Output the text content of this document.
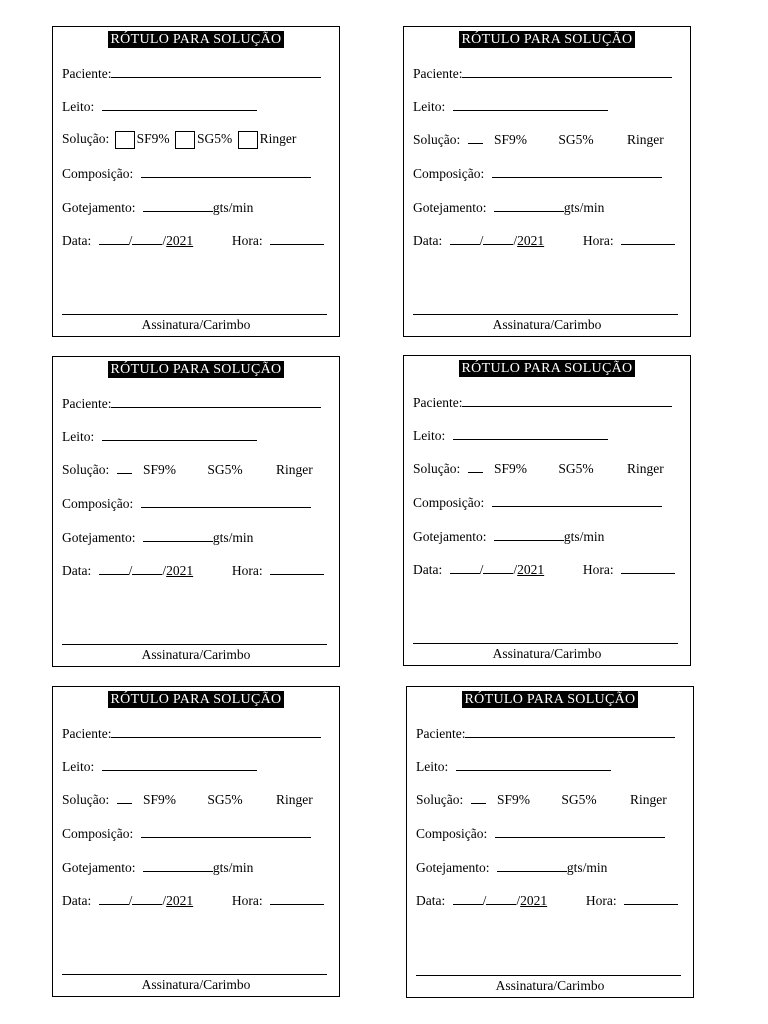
RÓTULO PARA SOLUÇÃO
Paciente:
Leito:
Solução: SF9% SG5% Ringer
Composição:
Gotejamento:	gts/min
Data:	/ /2021	Hora:
Assinatura/Carimbo
RÓTULO PARA SOLUÇÃO
Paciente:
Leito:
Solução:	SF9% SG5% Ringer
Composição:
Gotejamento:	gts/min
Data:	/ /2021	Hora:
Assinatura/Carimbo
RÓTULO PARA SOLUÇÃO
Paciente:
Leito:
Solução:	SF9% SG5% Ringer
Composição:
Gotejamento:	gts/min
Data:	/ /2021	Hora:
Assinatura/Carimbo
RÓTULO PARA SOLUÇÃO
Paciente:
Leito:
Solução:	SF9% SG5% Ringer
Composição:
Gotejamento:	gts/min
Data:	/ /2021	Hora:
Assinatura/Carimbo
RÓTULO PARA SOLUÇÃO
Paciente:
Leito:
Solução:	SF9% SG5% Ringer
Composição:
Gotejamento:	gts/min
Data:	/ /2021	Hora:
Assinatura/Carimbo
RÓTULO PARA SOLUÇÃO
Paciente:
Leito:
Solução:	SF9% SG5% Ringer
Composição:
Gotejamento:	gts/min
Data:	/ /2021	Hora:
Assinatura/Carimbo
